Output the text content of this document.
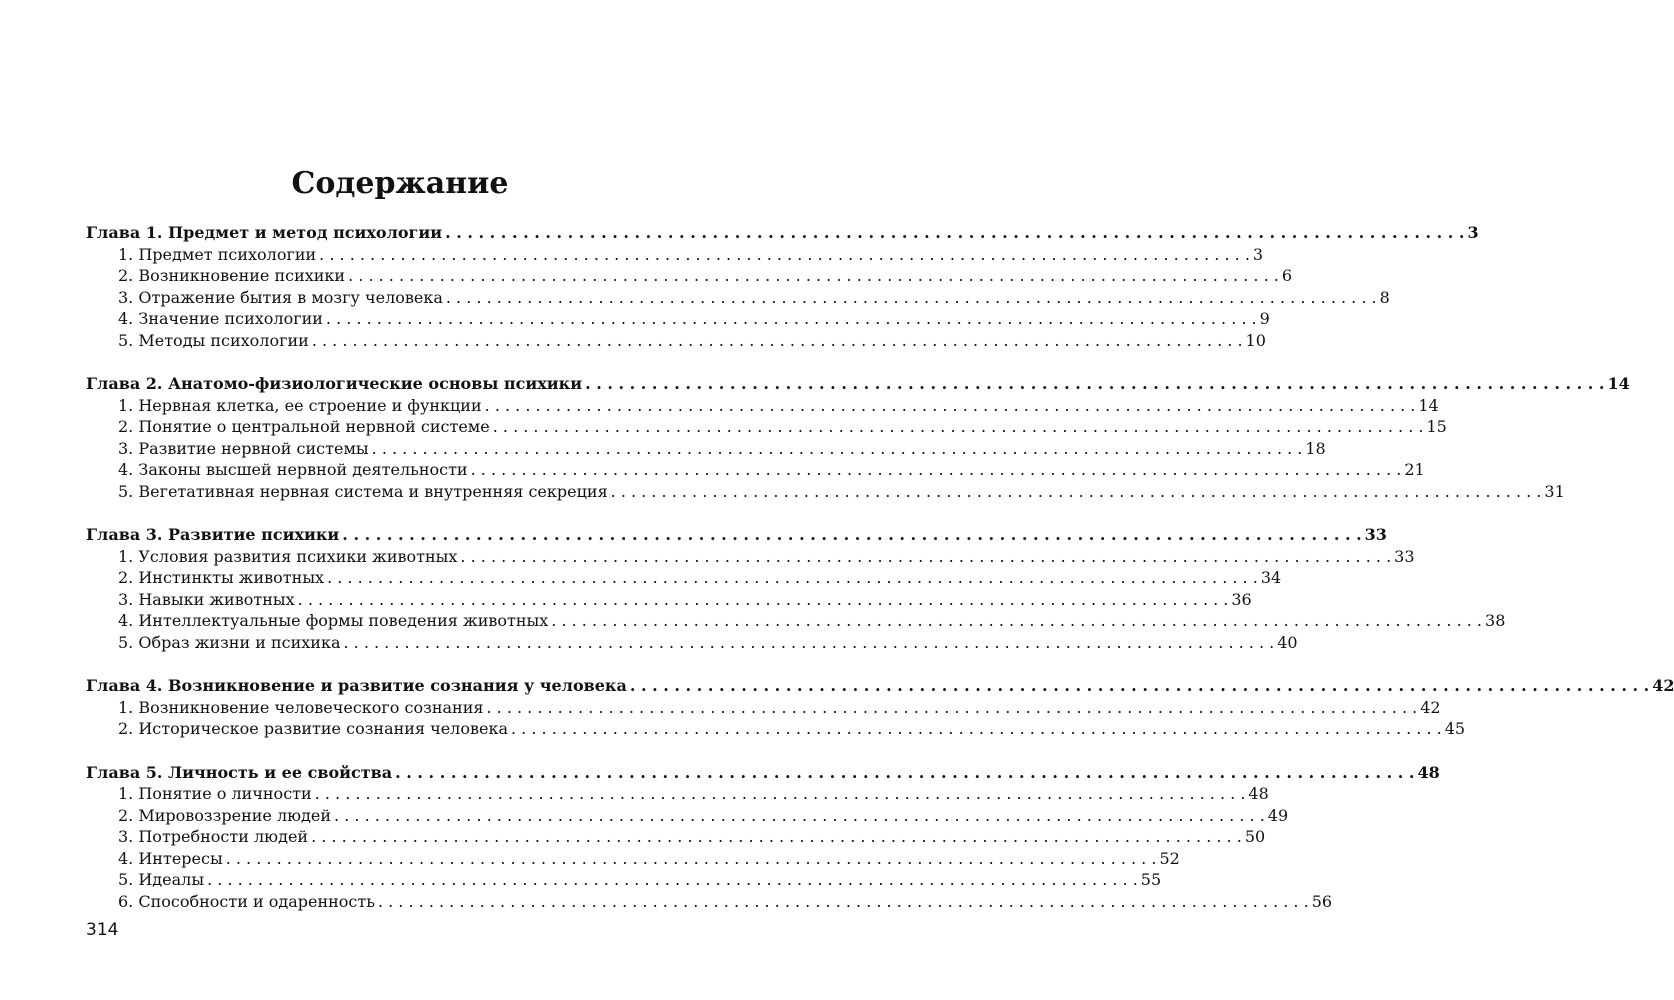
Содержание
Глава 1. Предмет и метод психологии . . .	3
1. Предмет психологии . . .	3
2. Возникновение психики . . .	6
3. Отражение бытия в мозгу человека . . .	8
4. Значение психологии . . .	9
5. Методы психологии . . .	10
Глава 2. Анатомо-физиологические основы психики . . .	14
1. Нервная клетка, ее строение и функции . . .	14
2. Понятие о центральной нервной системе . . .	15
3. Развитие нервной системы . . .	18
4. Законы высшей нервной деятельности . . .	21
5. Вегетативная нервная система и внутренняя секреция . . .	31
Глава 3. Развитие психики . . .	33
1. Условия развития психики животных . . .	33
2. Инстинкты животных . . .	34
3. Навыки животных . . .	36
4. Интеллектуальные формы поведения животных . . .	38
5. Образ жизни и психика . . .	40
Глава 4. Возникновение и развитие сознания у человека . . .	42
1. Возникновение человеческого сознания . . .	42
2. Историческое развитие сознания человека . . .	45
Глава 5. Личность и ее свойства . . .	48
1. Понятие о личности . . .	48
2. Мировоззрение людей . . .	49
3. Потребности людей . . .	50
4. Интересы . . .	52
5. Идеалы . . .	55
6. Способности и одаренность . . .	56
314
